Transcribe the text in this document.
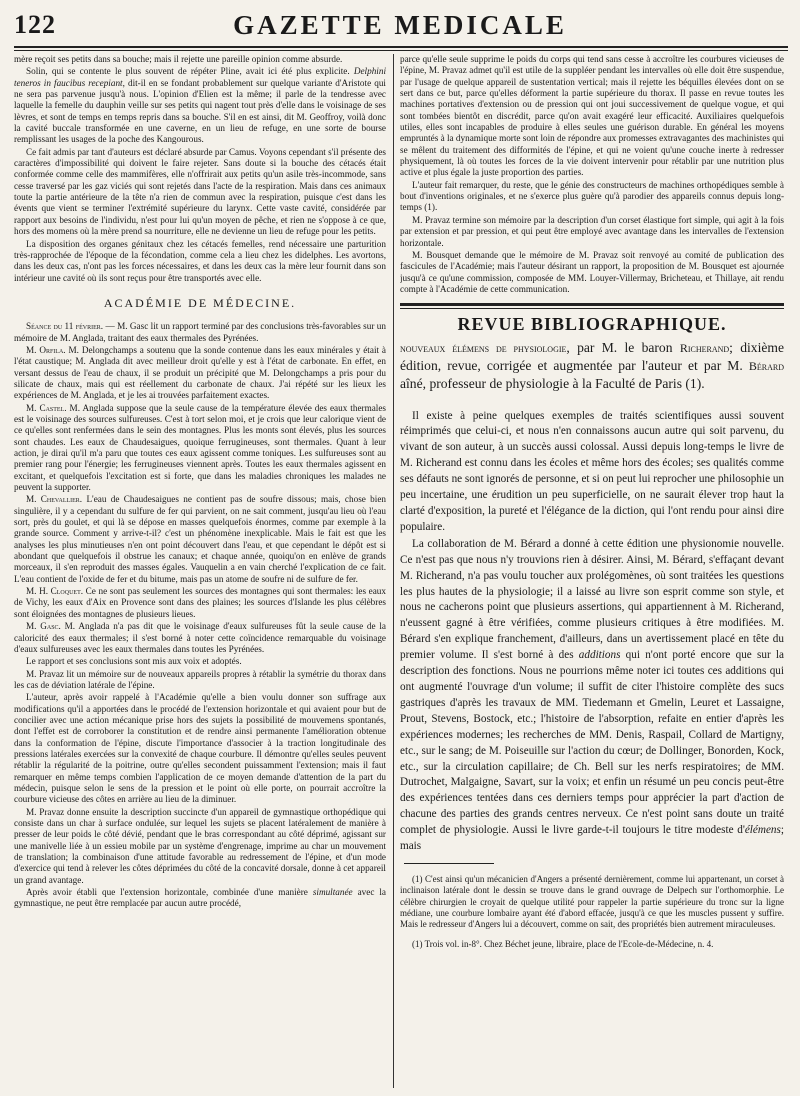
122	GAZETTE MEDICALE

mère reçoit ses petits dans sa bouche; mais il rejette une pareille opinion comme absurde.

Solin, qui se contente le plus souvent de répéter Pline, avait ici été plus explicite. Delphini teneros in faucibus recepiant, dit-il en se fondant probablement sur quelque variante d'Aristote qui ne sera pas parvenue jusqu'à nous. L'opinion d'Elien est la même; il parle de la tendresse avec laquelle la femelle du dauphin veille sur ses petits qui nagent tout près d'elle dans le voisinage de ses lèvres, et sont de temps en temps repris dans sa bouche. S'il en est ainsi, dit M. Geoffroy, voilà donc la cavité buccale transformée en une caverne, en un lieu de refuge, en une sorte de bourse remplissant les usages de la poche des Kangourous.

Ce fait admis par tant d'auteurs est déclaré absurde par Camus. Voyons cependant s'il présente des caractères d'impossibilité qui doivent le faire rejeter. Sans doute si la bouche des cétacés était conformée comme celle des mammifères, elle n'offrirait aux petits qu'un asile très-incommode, sans cesse traversé par les gaz viciés qui sont rejetés dans l'acte de la respiration. Mais dans ces animaux toute la partie antérieure de la tête n'a rien de commun avec la respiration, puisque c'est dans les évents que vient se terminer l'extrémité supérieure du larynx. Cette vaste cavité, considérée par rapport aux besoins de l'individu, n'est pour lui qu'un moyen de pêche, et rien ne s'oppose à ce que, hors des momens où la mère prend sa nourriture, elle ne devienne un lieu de refuge pour les petits.

La disposition des organes génitaux chez les cétacés femelles, rend nécessaire une parturition très-rapprochée de l'époque de la fécondation, comme cela a lieu chez les didelphes. Les avortons, dans les deux cas, n'ont pas les forces nécessaires, et dans les deux cas la mère leur fournit dans son intérieur une cavité où ils sont reçus pour être transportés avec elle.

ACADÉMIE DE MÉDECINE.

Séance du 11 février. — M. Gasc lit un rapport terminé par des conclusions très-favorables sur un mémoire de M. Anglada, traitant des eaux thermales des Pyrénées.

M. Orfila. M. Delongchamps a soutenu que la sonde contenue dans les eaux minérales y était à l'état caustique; M. Anglada dit avec meilleur droit qu'elle y est à l'état de carbonate. En effet, en versant dessus de l'eau de chaux, il se produit un précipité que M. Delongchamps a pris pour du silicate de chaux, mais qui est réellement du carbonate de chaux. J'ai répété sur les lieux les expériences de M. Anglada, et je les ai trouvées parfaitement exactes.

M. Castel. M. Anglada suppose que la seule cause de la température élevée des eaux thermales est le voisinage des sources sulfureuses. C'est à tort selon moi, et je crois que leur calorique vient de ce qu'elles sont renfermées dans le sein des montagnes. Plus les monts sont élevés, plus les sources sont chaudes. Les eaux de Chaudesaigues, quoique ferrugineuses, sont thermales. Quant à leur action, je dirai qu'il m'a paru que toutes ces eaux agissent comme toniques. Les sulfureuses sont au premier rang pour l'énergie; les ferrugineuses viennent après. Toutes les eaux thermales agissent en excitant, et quelquefois l'excitation est si forte, que dans les maladies chroniques les malades ne peuvent la supporter.

M. Chevallier. L'eau de Chaudesaigues ne contient pas de soufre dissous; mais, chose bien singulière, il y a cependant du sulfure de fer qui parvient, on ne sait comment, jusqu'au lieu où l'eau sort, près du goulet, et qui là se dépose en masses quelquefois énormes, comme par exemple à la grande source. Comment y arrive-t-il? c'est un phénomène inexplicable. Mais le fait est que les analyses les plus minutieuses n'en ont point découvert dans l'eau, et que cependant le dépôt est si abondant que quelquefois il obstrue les canaux; et chaque année, quoiqu'on en enlève de grands morceaux, il s'en reproduit des masses égales. Vauquelin a en vain cherché l'explication de ce fait. L'eau contient de l'oxide de fer et du bitume, mais pas un atome de soufre ni de sulfure de fer.

M. H. Cloquet. Ce ne sont pas seulement les sources des montagnes qui sont thermales: les eaux de Vichy, les eaux d'Aix en Provence sont dans des plaines; les sources d'Islande les plus célèbres sont éloignées des montagnes de plusieurs lieues.

M. Gasc. M. Anglada n'a pas dit que le voisinage d'eaux sulfureuses fût la seule cause de la caloricité des eaux thermales; il s'est borné à noter cette coïncidence remarquable du voisinage d'eaux sulfureuses avec les eaux thermales dans toutes les Pyrénées.

Le rapport et ses conclusions sont mis aux voix et adoptés.

M. Pravaz lit un mémoire sur de nouveaux appareils propres à rétablir la symétrie du thorax dans les cas de déviation latérale de l'épine.

L'auteur, après avoir rappelé à l'Académie qu'elle a bien voulu donner son suffrage aux modifications qu'il a apportées dans le procédé de l'extension horizontale et qui avaient pour but de concilier avec une action mécanique prise hors des sujets la possibilité de mouvemens spontanés, dont l'effet est de corroborer la constitution et de rendre ainsi permanente l'amélioration obtenue dans la conformation de l'épine, discute l'importance d'associer à la traction longitudinale des pressions latérales exercées sur la convexité de chaque courbure. Il démontre qu'elles seules peuvent rétablir la régularité de la poitrine, outre qu'elles secondent puissamment l'extension; mais il faut remarquer en même temps combien l'application de ce moyen demande d'attention de la part du médecin, puisque selon le sens de la pression et le point où elle porte, on pourrait accroître la courbure vicieuse des côtes en arrière au lieu de la diminuer.

M. Pravaz donne ensuite la description succincte d'un appareil de gymnastique orthopédique qui consiste dans un char à surface ondulée, sur lequel les sujets se placent latéralement de manière à presser de leur poids le côté dévié, pendant que le bras correspondant au côté déprimé, agissant sur une manivelle liée à un essieu mobile par un système d'engrenage, imprime au char un mouvement de translation; la combinaison d'une attitude favorable au redressement de l'épine, et d'un mode d'exercice qui tend à relever les côtes déprimées du côté de la concavité dorsale, donne à cet appareil un grand avantage.

Après avoir établi que l'extension horizontale, combinée d'une manière simultanée avec la gymnastique, ne peut être remplacée par aucun autre procédé,

parce qu'elle seule supprime le poids du corps qui tend sans cesse à accroître les courbures vicieuses de l'épine, M. Pravaz admet qu'il est utile de la suppléer pendant les intervalles où elle doit être suspendue, par l'usage de quelque appareil de sustentation vertical; mais il rejette les béquilles élevées dont on se sert dans ce but, parce qu'elles déforment la partie supérieure du thorax. Il passe en revue toutes les machines portatives d'extension ou de pression qui ont joui successivement de quelque vogue, et qui sont tombées bientôt en discrédit, parce qu'on avait exagéré leur efficacité. Auxiliaires quelquefois utiles, elles sont incapables de produire à elles seules une guérison durable. En général les moyens empruntés à la dynamique morte sont loin de répondre aux promesses extravagantes des machinistes qui se mêlent du traitement des difformités de l'épine, et qui ne voient qu'une couche inerte à redresser physiquement, là où toutes les forces de la vie doivent intervenir pour rétablir par une nutrition plus active et plus égale la juste proportion des parties.

L'auteur fait remarquer, du reste, que le génie des constructeurs de machines orthopédiques semble à bout d'inventions originales, et ne s'exerce plus guère qu'à parodier des appareils connus depuis long-temps (1).

M. Pravaz termine son mémoire par la description d'un corset élastique fort simple, qui agit à la fois par extension et par pression, et qui peut être employé avec avantage dans les intervalles de l'extension horizontale.

M. Bousquet demande que le mémoire de M. Pravaz soit renvoyé au comité de publication des fascicules de l'Académie; mais l'auteur désirant un rapport, la proposition de M. Bousquet est ajournée jusqu'à ce qu'une commission, composée de MM. Louyer-Villermay, Bricheteau, et Thillaye, ait rendu compte à l'Académie de cette communication.

REVUE BIBLIOGRAPHIQUE.
nouveaux élémens de physiologie, par M. le baron Richerand; dixième édition, revue, corrigée et augmentée par l'auteur et par M. Bérard aîné, professeur de physiologie à la Faculté de Paris (1).

Il existe à peine quelques exemples de traités scientifiques aussi souvent réimprimés que celui-ci, et nous n'en connaissons aucun autre qui soit parvenu, du vivant de son auteur, à un succès aussi colossal. Aussi depuis long-temps le livre de M. Richerand est connu dans les écoles et même hors des écoles; ses qualités comme ses défauts ne sont ignorés de personne, et si on peut lui reprocher une philosophie un peu incertaine, une érudition un peu superficielle, on ne saurait élever trop haut la clarté d'exposition, la pureté et l'élégance de la diction, qui l'ont rendu pour ainsi dire populaire.

La collaboration de M. Bérard a donné à cette édition une physionomie nouvelle. Ce n'est pas que nous n'y trouvions rien à désirer. Ainsi, M. Bérard, s'effaçant devant M. Richerand, n'a pas voulu toucher aux prolégomènes, où sont traitées les questions les plus hautes de la physiologie; il a laissé au livre son esprit comme son style, et nous ne cacherons point que plusieurs assertions, qui appartiennent à M. Richerand, n'eussent gagné à être vérifiées, comme plusieurs critiques à être modifiées. M. Bérard s'en explique franchement, d'ailleurs, dans un avertissement placé en tête du premier volume. Il s'est borné à des additions qui n'ont porté encore que sur la description des fonctions. Nous ne pourrions même noter ici toutes ces additions qui ont augmenté l'ouvrage d'un volume; il suffit de citer l'histoire complète des sucs gastriques d'après les travaux de MM. Tiedemann et Gmelin, Leuret et Lassaigne, Prout, Stevens, Bostock, etc.; l'histoire de l'absorption, refaite en entier d'après les expériences modernes; les recherches de MM. Denis, Raspail, Collard de Martigny, etc., sur le sang; de M. Poiseuille sur l'action du cœur; de Dollinger, Bonorden, Kock, etc., sur la circulation capillaire; de Ch. Bell sur les nerfs respiratoires; de MM. Dutrochet, Malgaigne, Savart, sur la voix; et enfin un résumé un peu concis peut-être des expériences tentées dans ces derniers temps pour apprécier la part d'action de chacune des parties des grands centres nerveux. Ce n'est point sans doute un traité complet de physiologie. Aussi le livre garde-t-il toujours le titre modeste d'élémens; mais

(1) C'est ainsi qu'un mécanicien d'Angers a présenté dernièrement, comme lui appartenant, un corset à inclinaison latérale dont le dessin se trouve dans le grand ouvrage de Delpech sur l'orthomorphie. Le célèbre chirurgien le croyait de quelque utilité pour rappeler la partie supérieure du tronc sur la ligne médiane, une courbure lombaire ayant été d'abord effacée, jusqu'à ce que les muscles pussent y suffire. Mais le redresseur d'Angers lui a découvert, comme on sait, des propriétés bien autrement miraculeuses.

(1) Trois vol. in-8°. Chez Béchet jeune, libraire, place de l'Ecole-de-Médecine, n. 4.
